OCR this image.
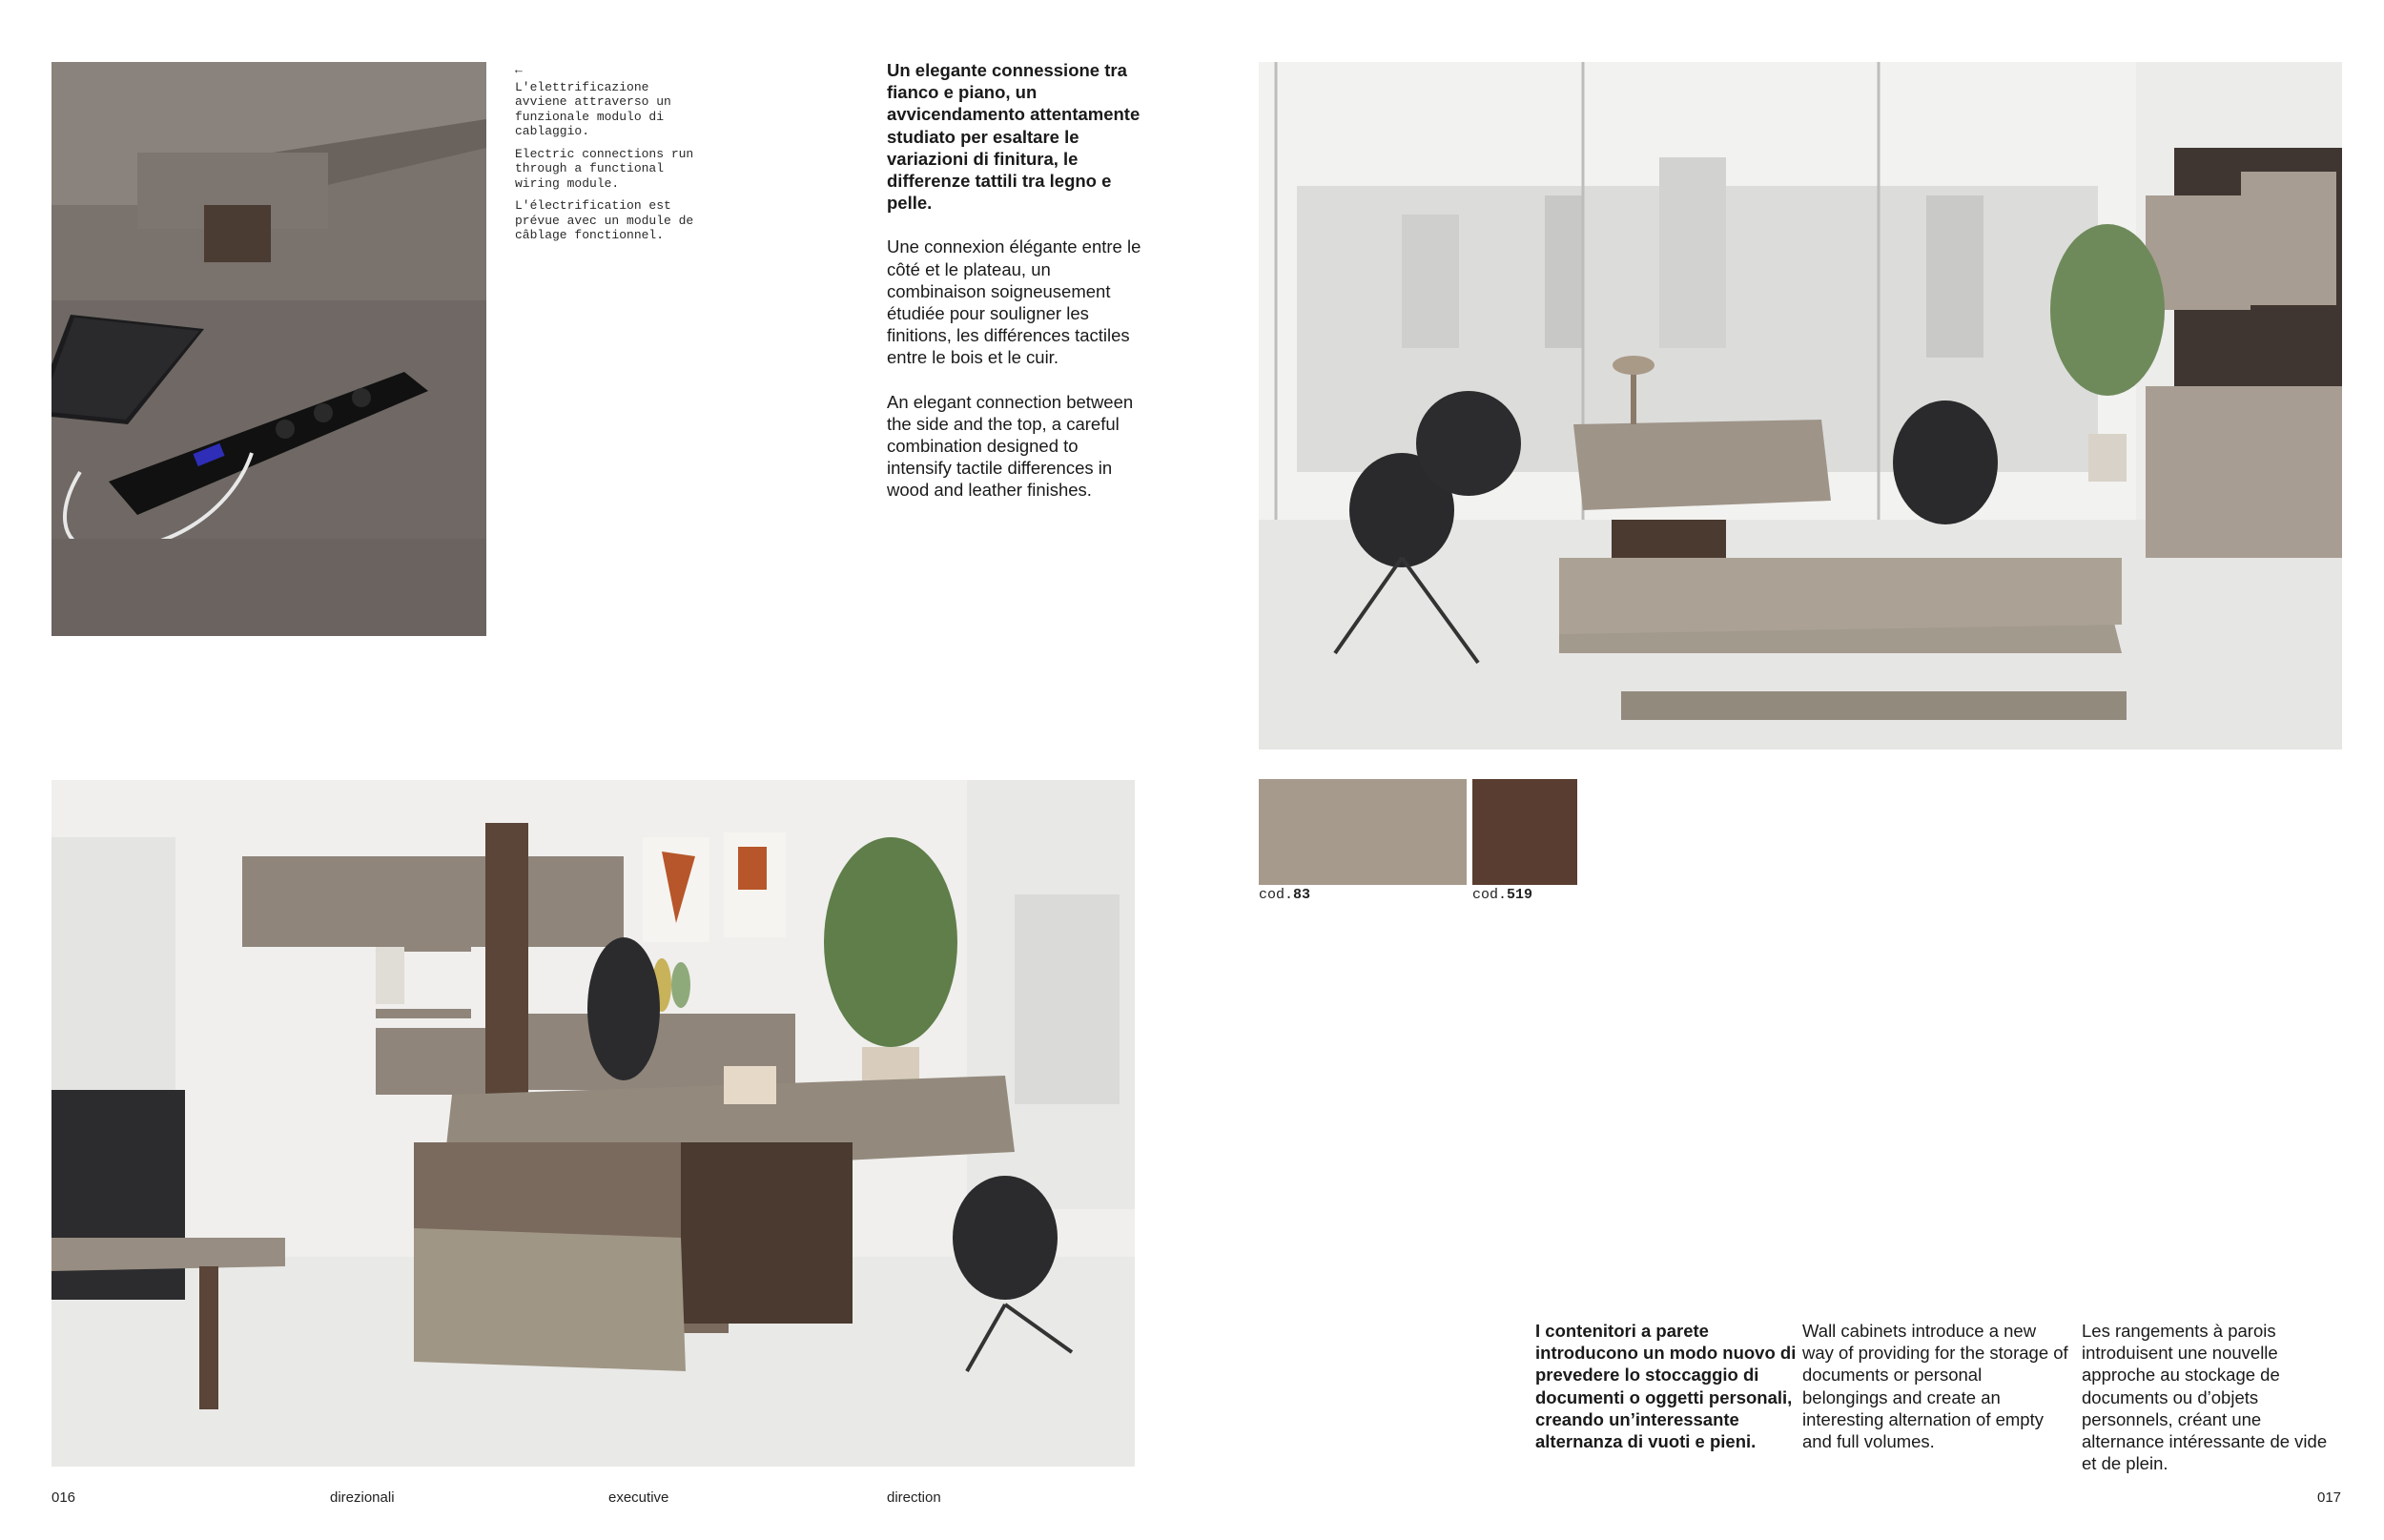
←

L'elettrificazione avviene attraverso un funzionale modulo di cablaggio.

Electric connections run through a functional wiring module.

L'électrification est prévue avec un module de câblage fonctionnel.

Un elegante connessione tra fianco e piano, un avvicendamento attentamente studiato per esaltare le variazioni di finitura, le differenze tattili tra legno e pelle.

Une connexion élégante entre le côté et le plateau, un combinaison soigneusement étudiée pour souligner les finitions, les différences tactiles entre le bois et le cuir.

An elegant connection between the side and the top, a careful combination designed to intensify tactile differences in wood and leather finishes.

cod.83	cod.519
I contenitori a parete introducono un modo nuovo di prevedere lo stoccaggio di documenti o oggetti personali, creando un’interessante alternanza di vuoti e pieni.
Wall cabinets introduce a new way of providing for the storage of documents or personal belongings and create an interesting alternation of empty and full volumes.
Les rangements à parois introduisent une nouvelle approche au stockage de documents ou d’objets personnels, créant une alternance intéressante de vide et de plein.
016	direzionali	executive	direction	017
